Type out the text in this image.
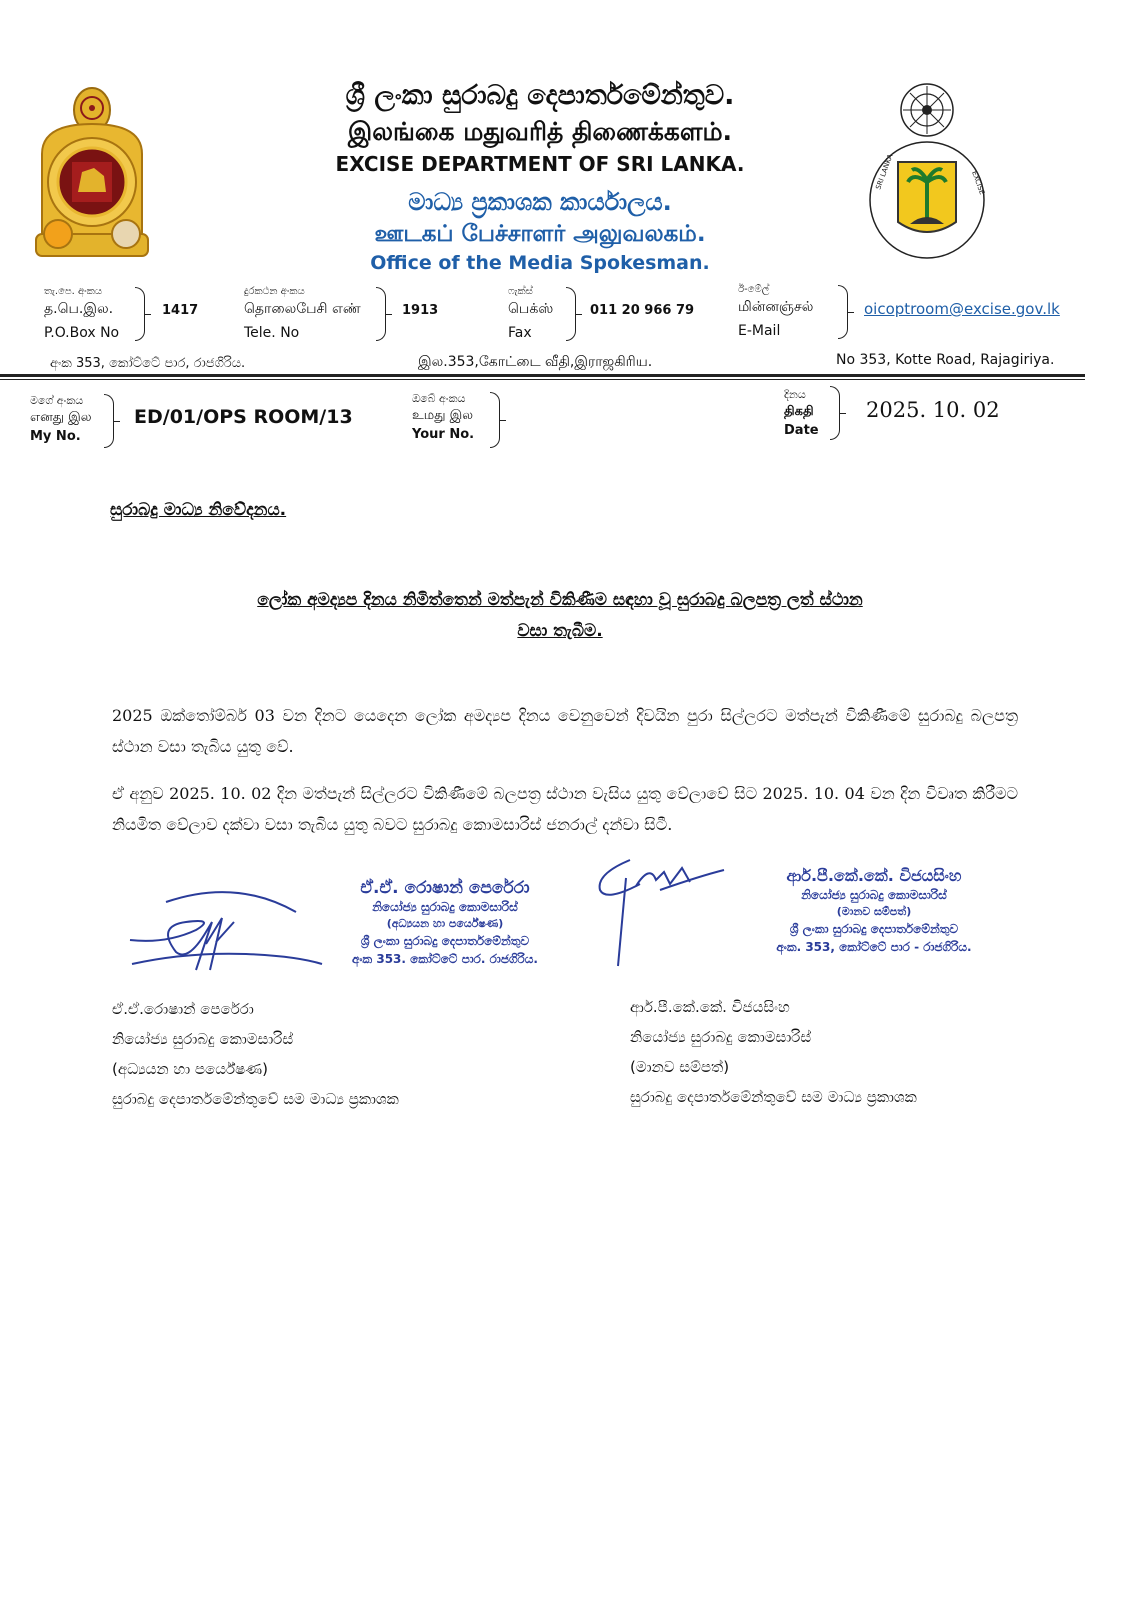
SRI LANKA	EXCISE
ශ්‍රී ලංකා සුරාබදු දෙපාර්තමේන්තුව.
இலங்கை மதுவரித் திணைக்களம்.
EXCISE DEPARTMENT OF SRI LANKA.
මාධ්‍ය ප්‍රකාශක කාර්යාලය.
ஊடகப் பேச்சாளர் அலுவலகம்.
Office of the Media Spokesman.
තැ.පෙ. අංකය
த.பெ.இல.
P.O.Box No
1417
දුරකථන අංකය
தொலைபேசி எண்
Tele. No
1913
ෆැක්ස්
பெக்ஸ்
Fax
011 20 966 79
ඊ-මේල්
மின்னஞ்சல்
E-Mail
oicoptroom@excise.gov.lk
අංක 353, කෝට්ටේ පාර, රාජගිරිය.	இல.353,கோட்டை வீதி,இராஜகிரிய.	No 353, Kotte Road, Rajagiriya.
මගේ අංකය
எனது இல
My No.
ED/01/OPS ROOM/13
ඔබේ අංකය
உமது இல
Your No.
දිනය
திகதி
Date
2025. 10. 02
සුරාබදු මාධ්‍ය නිවේදනය.
ලෝක අමද්‍යප දිනය නිමිත්තෙන් මත්පැන් විකිණීම සඳහා වූ සුරාබදු බලපත්‍ර ලත් ස්ථාන
වසා තැබීම.
2025 ඔක්තෝම්බර් 03 වන දිනට යෙදෙන ලෝක අමද්‍යප දිනය වෙනුවෙන් දිවයින පුරා සිල්ලරට මත්පැන් විකිණීමේ සුරාබදු බලපත්‍ර ස්ථාන වසා තැබිය යුතු වේ.
ඒ අනුව 2025. 10. 02 දින මත්පැන් සිල්ලරට විකිණීමේ බලපත්‍ර ස්ථාන වැසිය යුතු වේලාවේ සිට 2025. 10. 04 වන දින විවෘත කිරීමට නියමිත වේලාව දක්වා වසා තැබිය යුතු බවට සුරාබදු කොමසාරිස් ජනරාල් දන්වා සිටී.
ඒ.ඒ. රොෂාන් පෙරේරා
නියෝජ්‍ය සුරාබදු කොමසාරිස්
(අධ්‍යයන හා පර්යේෂණ)
ශ්‍රී ලංකා සුරාබදු දෙපාර්තමේන්තුව
අංක 353. කෝට්ටේ පාර. රාජගිරිය.
ආර්.පී.කේ.කේ. විජයසිංහ
නියෝජ්‍ය සුරාබදු කොමසාරිස්
(මානව සම්පත්)
ශ්‍රී ලංකා සුරාබදු දෙපාර්තමේන්තුව
අංක. 353, කෝට්ටේ පාර - රාජගිරිය.
ඒ.ඒ.රොෂාන් පෙරේරා
නියෝජ්‍ය සුරාබදු කොමසාරිස්
(අධ්‍යයන හා පර්යේෂණ)
සුරාබදු දෙපාර්තමේන්තුවේ සම මාධ්‍ය ප්‍රකාශක
ආර්.පී.කේ.කේ. විජයසිංහ
නියෝජ්‍ය සුරාබදු කොමසාරිස්
(මානව සම්පත්)
සුරාබදු දෙපාර්තමේන්තුවේ සම මාධ්‍ය ප්‍රකාශක
